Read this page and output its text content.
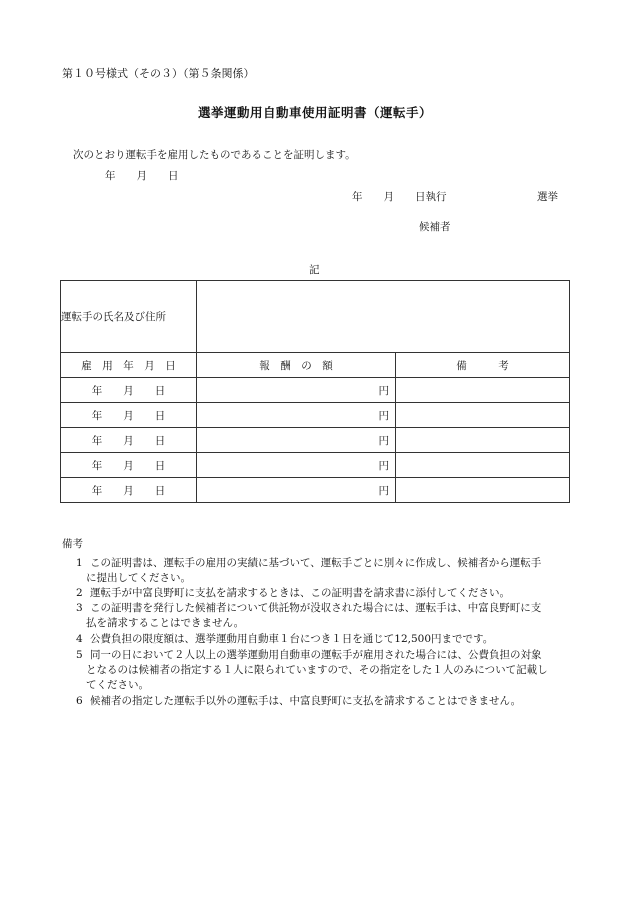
第１０号様式（その３）（第５条関係）
選挙運動用自動車使用証明書（運転手）
次のとおり運転手を雇用したものであることを証明します。
年　　月　　日
年　　月　　日執行	選挙
候補者
記
運転手の氏名及び住所		
雇　用　年　月　日	報　酬　の　額	備　　　考
年　　月　　日	円	
年　　月　　日	円	
年　　月　　日	円	
年　　月　　日	円	
年　　月　　日	円	
備考
1 この証明書は、運転手の雇用の実績に基づいて、運転手ごとに別々に作成し、候補者から運転手
に提出してください。
2 運転手が中富良野町に支払を請求するときは、この証明書を請求書に添付してください。
3 この証明書を発行した候補者について供託物が没収された場合には、運転手は、中富良野町に支
払を請求することはできません。
4 公費負担の限度額は、選挙運動用自動車１台につき１日を通じて12,500円までです。
5 同一の日において２人以上の選挙運動用自動車の運転手が雇用された場合には、公費負担の対象
となるのは候補者の指定する１人に限られていますので、その指定をした１人のみについて記載し
てください。
6 候補者の指定した運転手以外の運転手は、中富良野町に支払を請求することはできません。
